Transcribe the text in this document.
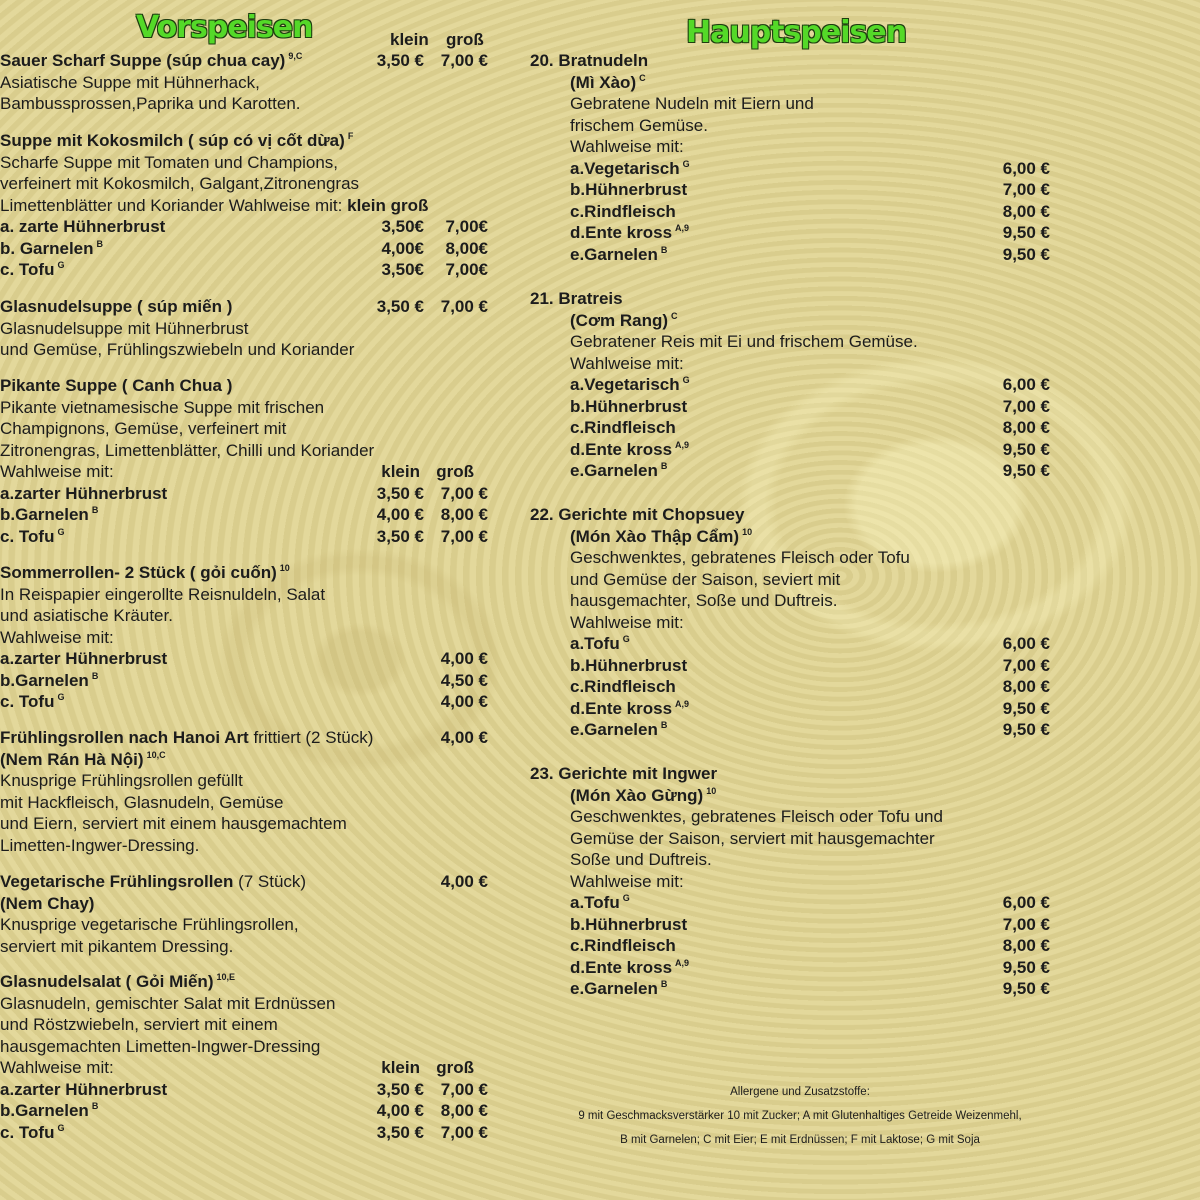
Vorspeisen	klein groß
Sauer Scharf Suppe (súp chua cay) $^{9,C}$	3,50 € 7,00 €
Asiatische Suppe mit Hühnerhack,
Bambussprossen,Paprika und Karotten.
Suppe mit Kokosmilch ( súp có vị cốt dừa) $^F$
Scharfe Suppe mit Tomaten und Champions,
verfeinert mit Kokosmilch, Galgant,Zitronengras
Limettenblätter und Koriander Wahlweise mit: klein groß
a. zarte Hühnerbrust	3,50€ 7,00€
b. Garnelen $^B$	4,00€ 8,00€
c. Tofu $^G$	3,50€ 7,00€
Glasnudelsuppe ( súp miến )	3,50 € 7,00 €
Glasnudelsuppe mit Hühnerbrust
und Gemüse, Frühlingszwiebeln und Koriander
Pikante Suppe ( Canh Chua )
Pikante vietnamesische Suppe mit frischen
Champignons, Gemüse, verfeinert mit
Zitronengras, Limettenblätter, Chilli und Koriander
Wahlweise mit:	klein groß
a.zarter Hühnerbrust	3,50 € 7,00 €
b.Garnelen $^B$	4,00 € 8,00 €
c. Tofu $^G$	3,50 € 7,00 €
Sommerrollen- 2 Stück ( gỏi cuốn) $^{10}$
In Reispapier eingerollte Reisnuldeln, Salat
und asiatische Kräuter.
Wahlweise mit:
a.zarter Hühnerbrust	4,00 €
b.Garnelen $^B$	4,50 €
c. Tofu $^G$	4,00 €
Frühlingsrollen nach Hanoi Art frittiert (2 Stück)	4,00 €
(Nem Rán Hà Nội) $^{10,C}$
Knusprige Frühlingsrollen gefüllt
mit Hackfleisch, Glasnudeln, Gemüse
und Eiern, serviert mit einem hausgemachtem
Limetten-Ingwer-Dressing.
Vegetarische Frühlingsrollen (7 Stück)	4,00 €
(Nem Chay)
Knusprige vegetarische Frühlingsrollen,
serviert mit pikantem Dressing.
Glasnudelsalat ( Gỏi Miến) $^{10,E}$
Glasnudeln, gemischter Salat mit Erdnüssen
und Röstzwiebeln, serviert mit einem
hausgemachten Limetten-Ingwer-Dressing
Wahlweise mit:	klein groß
a.zarter Hühnerbrust	3,50 € 7,00 €
b.Garnelen $^B$	4,00 € 8,00 €
c. Tofu $^G$	3,50 € 7,00 €
Hauptspeisen
20. Bratnudeln
(Mì Xào) $^C$
Gebratene Nudeln mit Eiern und
frischem Gemüse.
Wahlweise mit:
a.Vegetarisch $^G$	6,00 €
b.Hühnerbrust	7,00 €
c.Rindfleisch	8,00 €
d.Ente kross $^{A,9}$	9,50 €
e.Garnelen $^B$	9,50 €
21. Bratreis
(Cơm Rang) $^C$
Gebratener Reis mit Ei und frischem Gemüse.
Wahlweise mit:
a.Vegetarisch $^G$	6,00 €
b.Hühnerbrust	7,00 €
c.Rindfleisch	8,00 €
d.Ente kross $^{A,9}$	9,50 €
e.Garnelen $^B$	9,50 €
22. Gerichte mit Chopsuey
(Món Xào Thập Cẩm) $^{10}$
Geschwenktes, gebratenes Fleisch oder Tofu
und Gemüse der Saison, seviert mit
hausgemachter, Soße und Duftreis.
Wahlweise mit:
a.Tofu $^G$	6,00 €
b.Hühnerbrust	7,00 €
c.Rindfleisch	8,00 €
d.Ente kross $^{A,9}$	9,50 €
e.Garnelen $^B$	9,50 €
23. Gerichte mit Ingwer
(Món Xào Gừng) $^{10}$
Geschwenktes, gebratenes Fleisch oder Tofu und
Gemüse der Saison, serviert mit hausgemachter
Soße und Duftreis.
Wahlweise mit:
a.Tofu $^G$	6,00 €
b.Hühnerbrust	7,00 €
c.Rindfleisch	8,00 €
d.Ente kross $^{A,9}$	9,50 €
e.Garnelen $^B$	9,50 €
Allergene und Zusatzstoffe:
9 mit Geschmacksverstärker 10 mit Zucker; A mit Glutenhaltiges Getreide Weizenmehl,
B mit Garnelen; C mit Eier; E mit Erdnüssen; F mit Laktose; G mit Soja
